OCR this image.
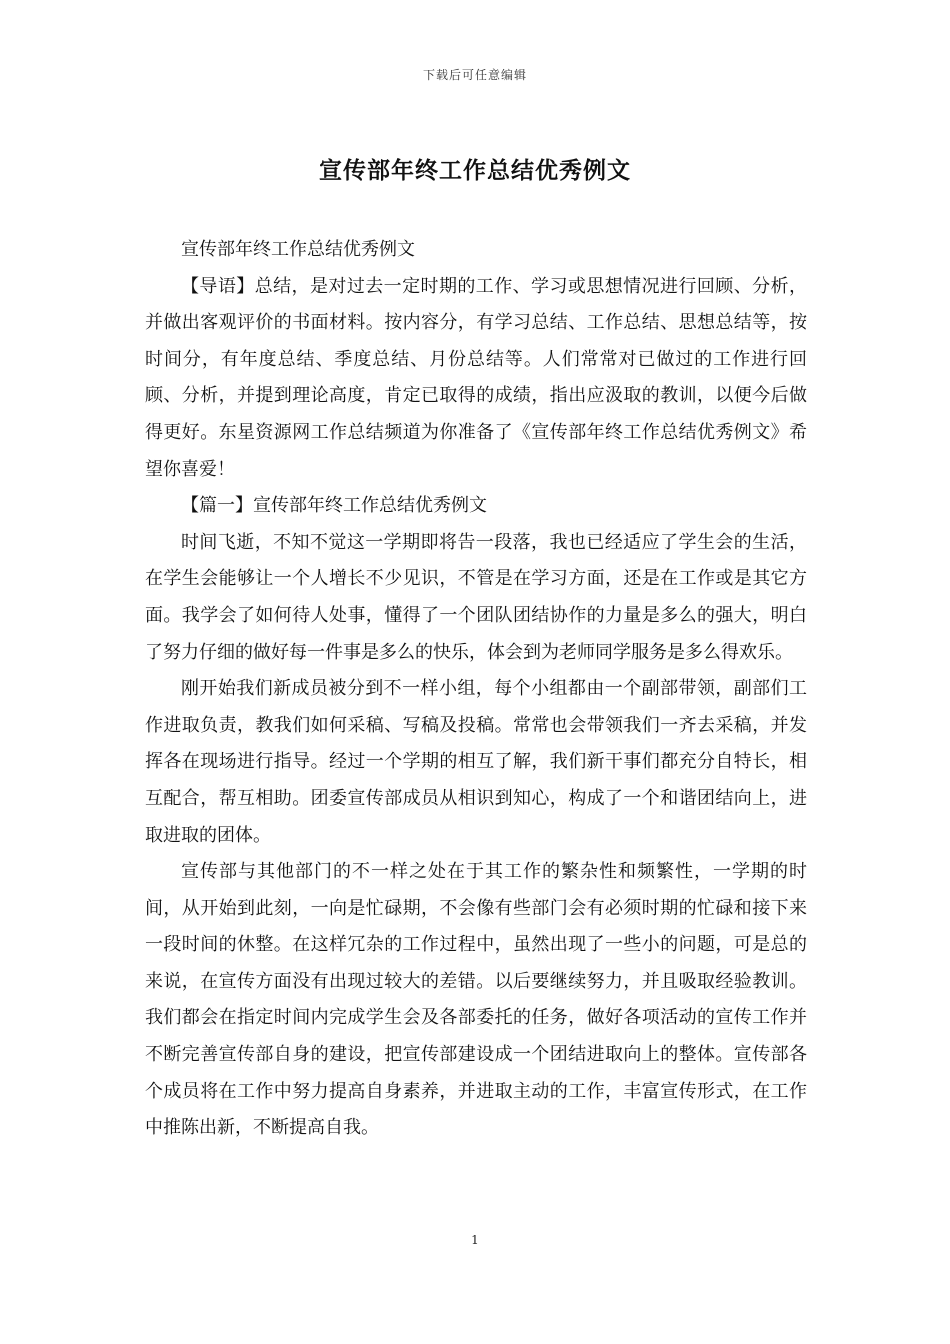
下载后可任意编辑
宣传部年终工作总结优秀例文

宣传部年终工作总结优秀例文

【导语】总结，是对过去一定时期的工作、学习或思想情况进行回顾、分析，并做出客观评价的书面材料。按内容分，有学习总结、工作总结、思想总结等，按时间分，有年度总结、季度总结、月份总结等。人们常常对已做过的工作进行回顾、分析，并提到理论高度，肯定已取得的成绩，指出应汲取的教训，以便今后做得更好。东星资源网工作总结频道为你准备了《宣传部年终工作总结优秀例文》希望你喜爱！

【篇一】宣传部年终工作总结优秀例文

时间飞逝，不知不觉这一学期即将告一段落，我也已经适应了学生会的生活，在学生会能够让一个人增长不少见识，不管是在学习方面，还是在工作或是其它方面。我学会了如何待人处事，懂得了一个团队团结协作的力量是多么的强大，明白了努力仔细的做好每一件事是多么的快乐，体会到为老师同学服务是多么得欢乐。

刚开始我们新成员被分到不一样小组，每个小组都由一个副部带领，副部们工作进取负责，教我们如何采稿、写稿及投稿。常常也会带领我们一齐去采稿，并发挥各在现场进行指导。经过一个学期的相互了解，我们新干事们都充分自特长，相互配合，帮互相助。团委宣传部成员从相识到知心，构成了一个和谐团结向上，进取进取的团体。

宣传部与其他部门的不一样之处在于其工作的繁杂性和频繁性，一学期的时间，从开始到此刻，一向是忙碌期，不会像有些部门会有必须时期的忙碌和接下来一段时间的休整。在这样冗杂的工作过程中，虽然出现了一些小的问题，可是总的来说，在宣传方面没有出现过较大的差错。以后要继续努力，并且吸取经验教训。我们都会在指定时间内完成学生会及各部委托的任务，做好各项活动的宣传工作并不断完善宣传部自身的建设，把宣传部建设成一个团结进取向上的整体。宣传部各个成员将在工作中努力提高自身素养，并进取主动的工作，丰富宣传形式，在工作中推陈出新，不断提高自我。

1
